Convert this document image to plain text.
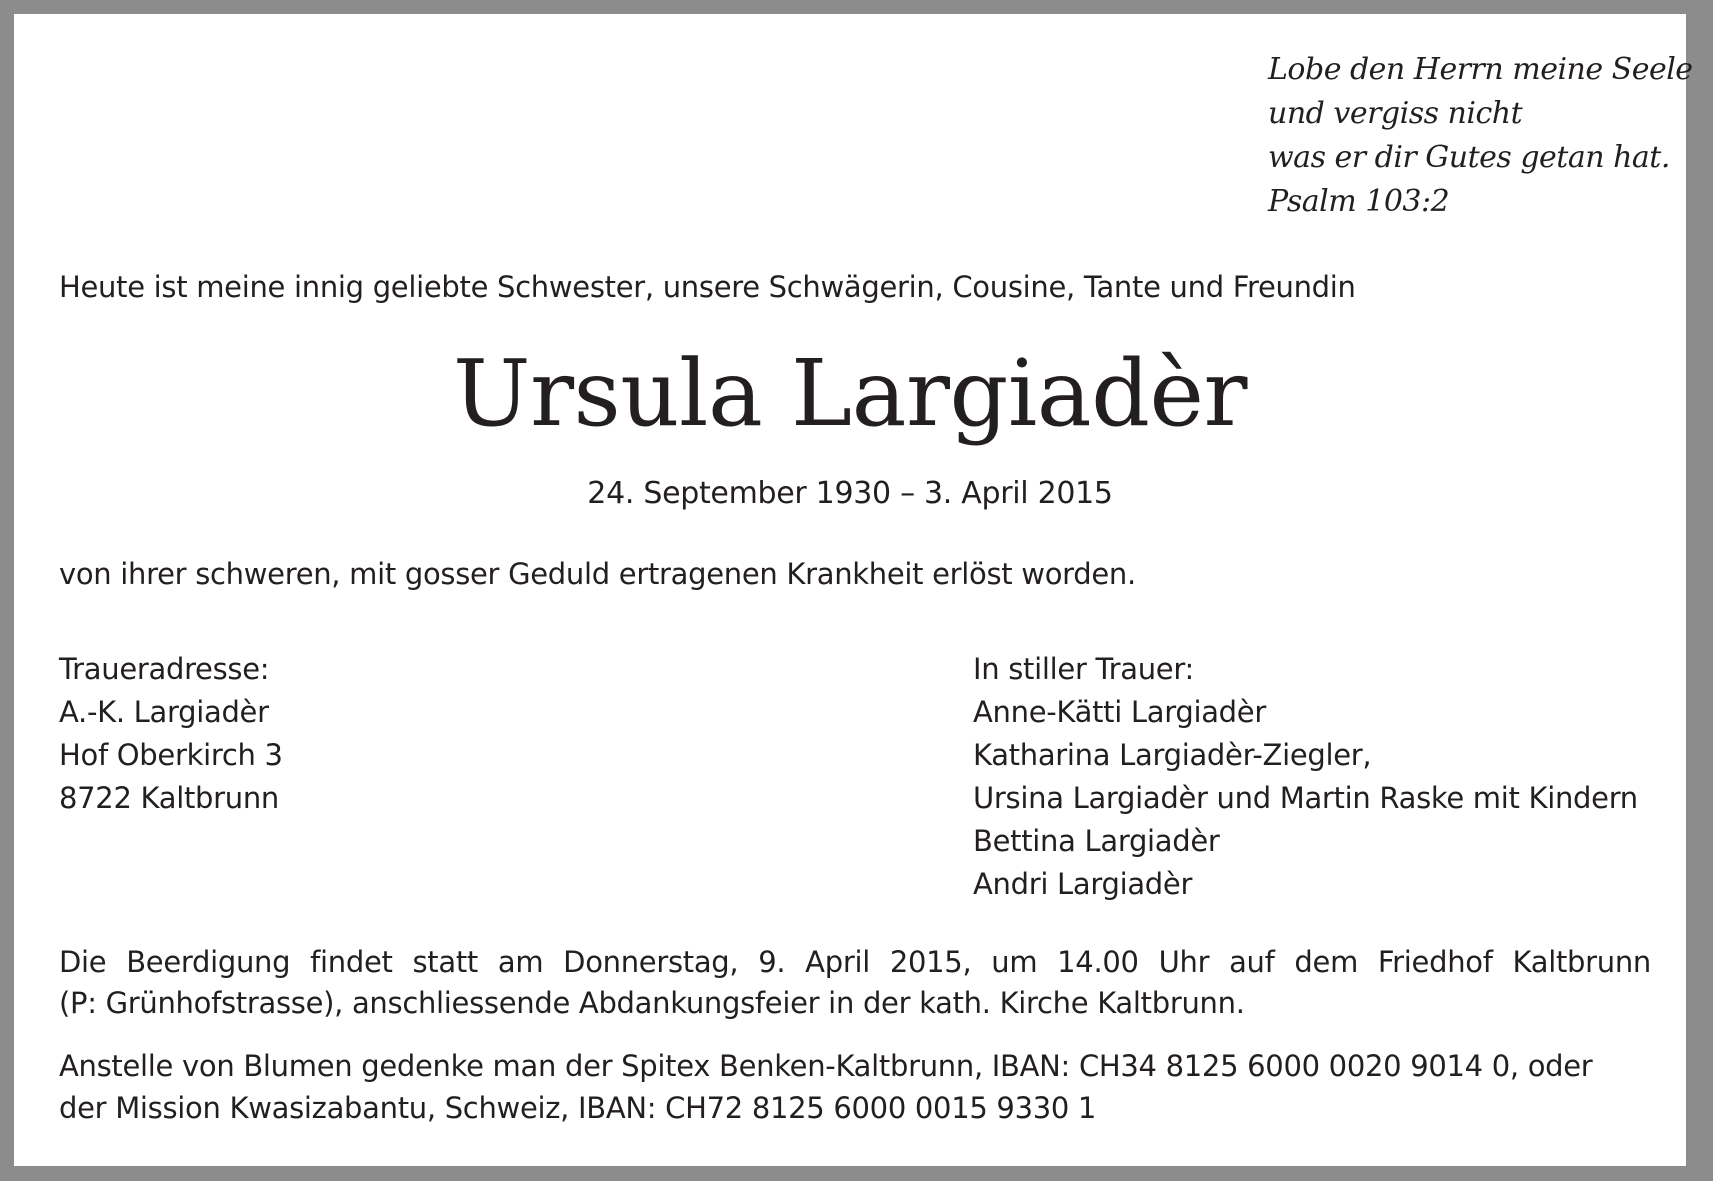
Lobe den Herrn meine Seele
und vergiss nicht
was er dir Gutes getan hat.
Psalm 103:2
Heute ist meine innig geliebte Schwester, unsere Schwägerin, Cousine, Tante und Freundin
Ursula Largiadèr
24. September 1930 – 3. April 2015
von ihrer schweren, mit gosser Geduld ertragenen Krankheit erlöst worden.
Traueradresse:
A.-K. Largiadèr
Hof Oberkirch 3
8722 Kaltbrunn
In stiller Trauer:
Anne-Kätti Largiadèr
Katharina Largiadèr-Ziegler,
Ursina Largiadèr und Martin Raske mit Kindern
Bettina Largiadèr
Andri Largiadèr
Die Beerdigung findet statt am Donnerstag, 9. April 2015, um 14.00 Uhr auf dem Friedhof Kaltbrunn
(P: Grünhofstrasse), anschliessende Abdankungsfeier in der kath. Kirche Kaltbrunn.
Anstelle von Blumen gedenke man der Spitex Benken-Kaltbrunn, IBAN: CH34 8125 6000 0020 9014 0, oder
der Mission Kwasizabantu, Schweiz, IBAN: CH72 8125 6000 0015 9330 1
